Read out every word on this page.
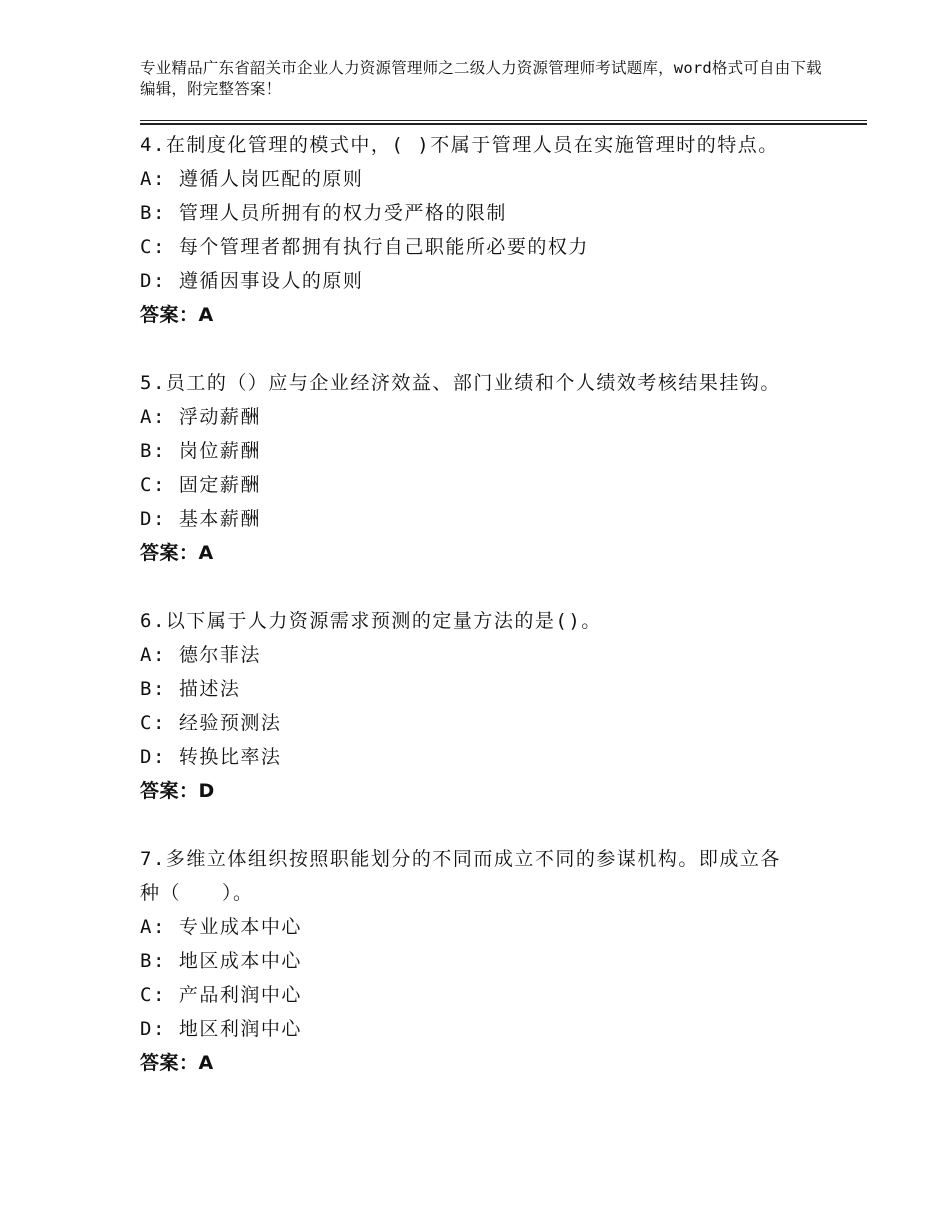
专业精品广东省韶关市企业人力资源管理师之二级人力资源管理师考试题库，word格式可自由下载编辑，附完整答案！
4.在制度化管理的模式中，( )不属于管理人员在实施管理时的特点。
A: 遵循人岗匹配的原则
B: 管理人员所拥有的权力受严格的限制
C: 每个管理者都拥有执行自己职能所必要的权力
D: 遵循因事设人的原则
答案：A
5.员工的（）应与企业经济效益、部门业绩和个人绩效考核结果挂钩。
A: 浮动薪酬
B: 岗位薪酬
C: 固定薪酬
D: 基本薪酬
答案：A
6.以下属于人力资源需求预测的定量方法的是()。
A: 德尔菲法
B: 描述法
C: 经验预测法
D: 转换比率法
答案：D
7.多维立体组织按照职能划分的不同而成立不同的参谋机构。即成立各种（　　）。
A: 专业成本中心
B: 地区成本中心
C: 产品利润中心
D: 地区利润中心
答案：A
